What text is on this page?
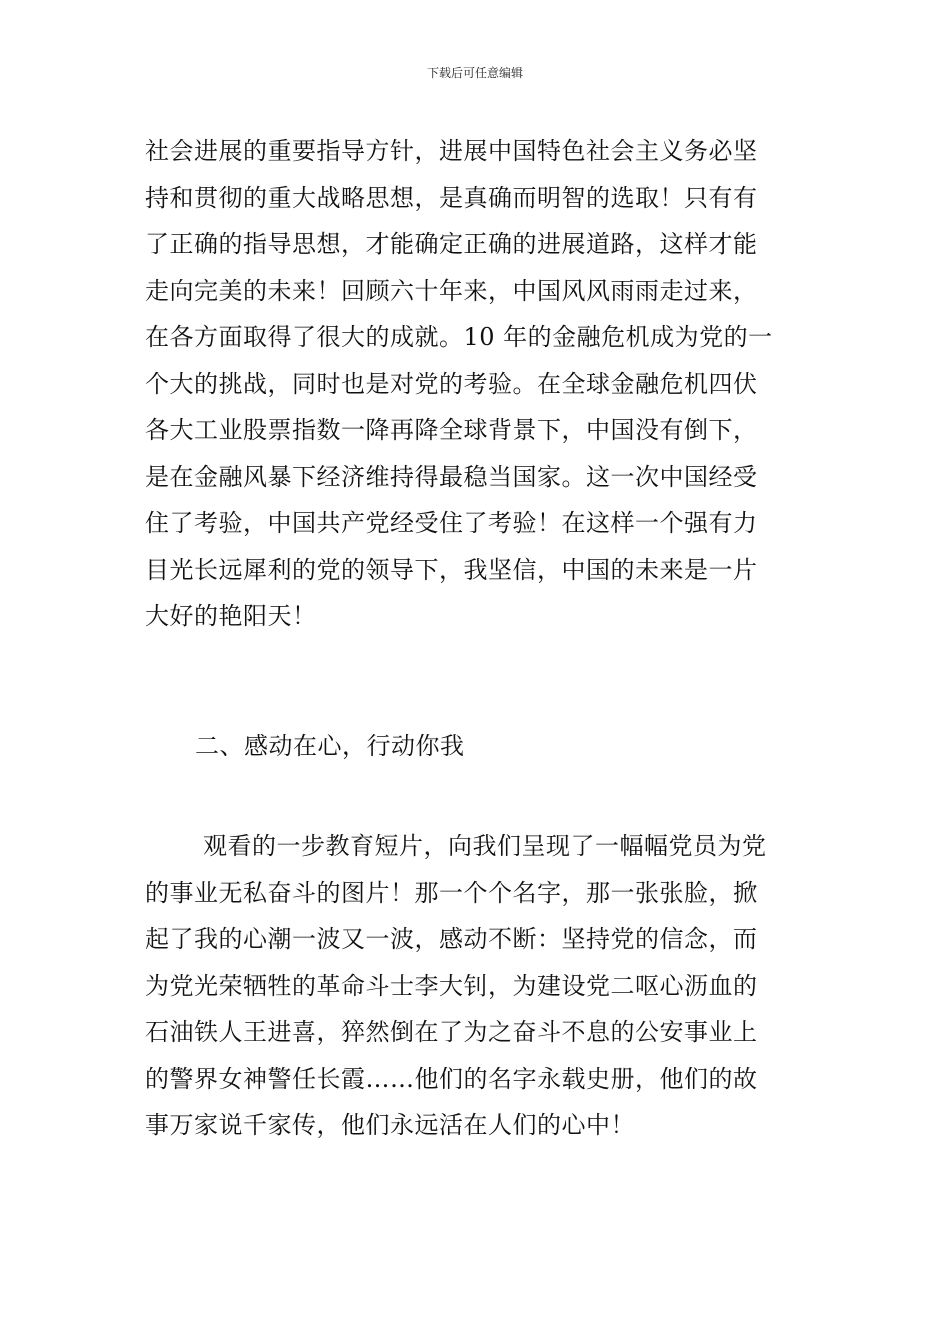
下载后可任意编辑
社会进展的重要指导方针，进展中国特色社会主义务必坚
持和贯彻的重大战略思想，是真确而明智的选取！只有有
了正确的指导思想，才能确定正确的进展道路，这样才能
走向完美的未来！回顾六十年来，中国风风雨雨走过来，
在各方面取得了很大的成就。10 年的金融危机成为党的一
个大的挑战，同时也是对党的考验。在全球金融危机四伏
各大工业股票指数一降再降全球背景下，中国没有倒下，
是在金融风暴下经济维持得最稳当国家。这一次中国经受
住了考验，中国共产党经受住了考验！在这样一个强有力
目光长远犀利的党的领导下，我坚信，中国的未来是一片
大好的艳阳天！
二、感动在心，行动你我
观看的一步教育短片，向我们呈现了一幅幅党员为党
的事业无私奋斗的图片！那一个个名字，那一张张脸，掀
起了我的心潮一波又一波，感动不断：坚持党的信念，而
为党光荣牺牲的革命斗士李大钊，为建设党二呕心沥血的
石油铁人王进喜，猝然倒在了为之奋斗不息的公安事业上
的警界女神警任长霞……他们的名字永载史册，他们的故
事万家说千家传，他们永远活在人们的心中！
